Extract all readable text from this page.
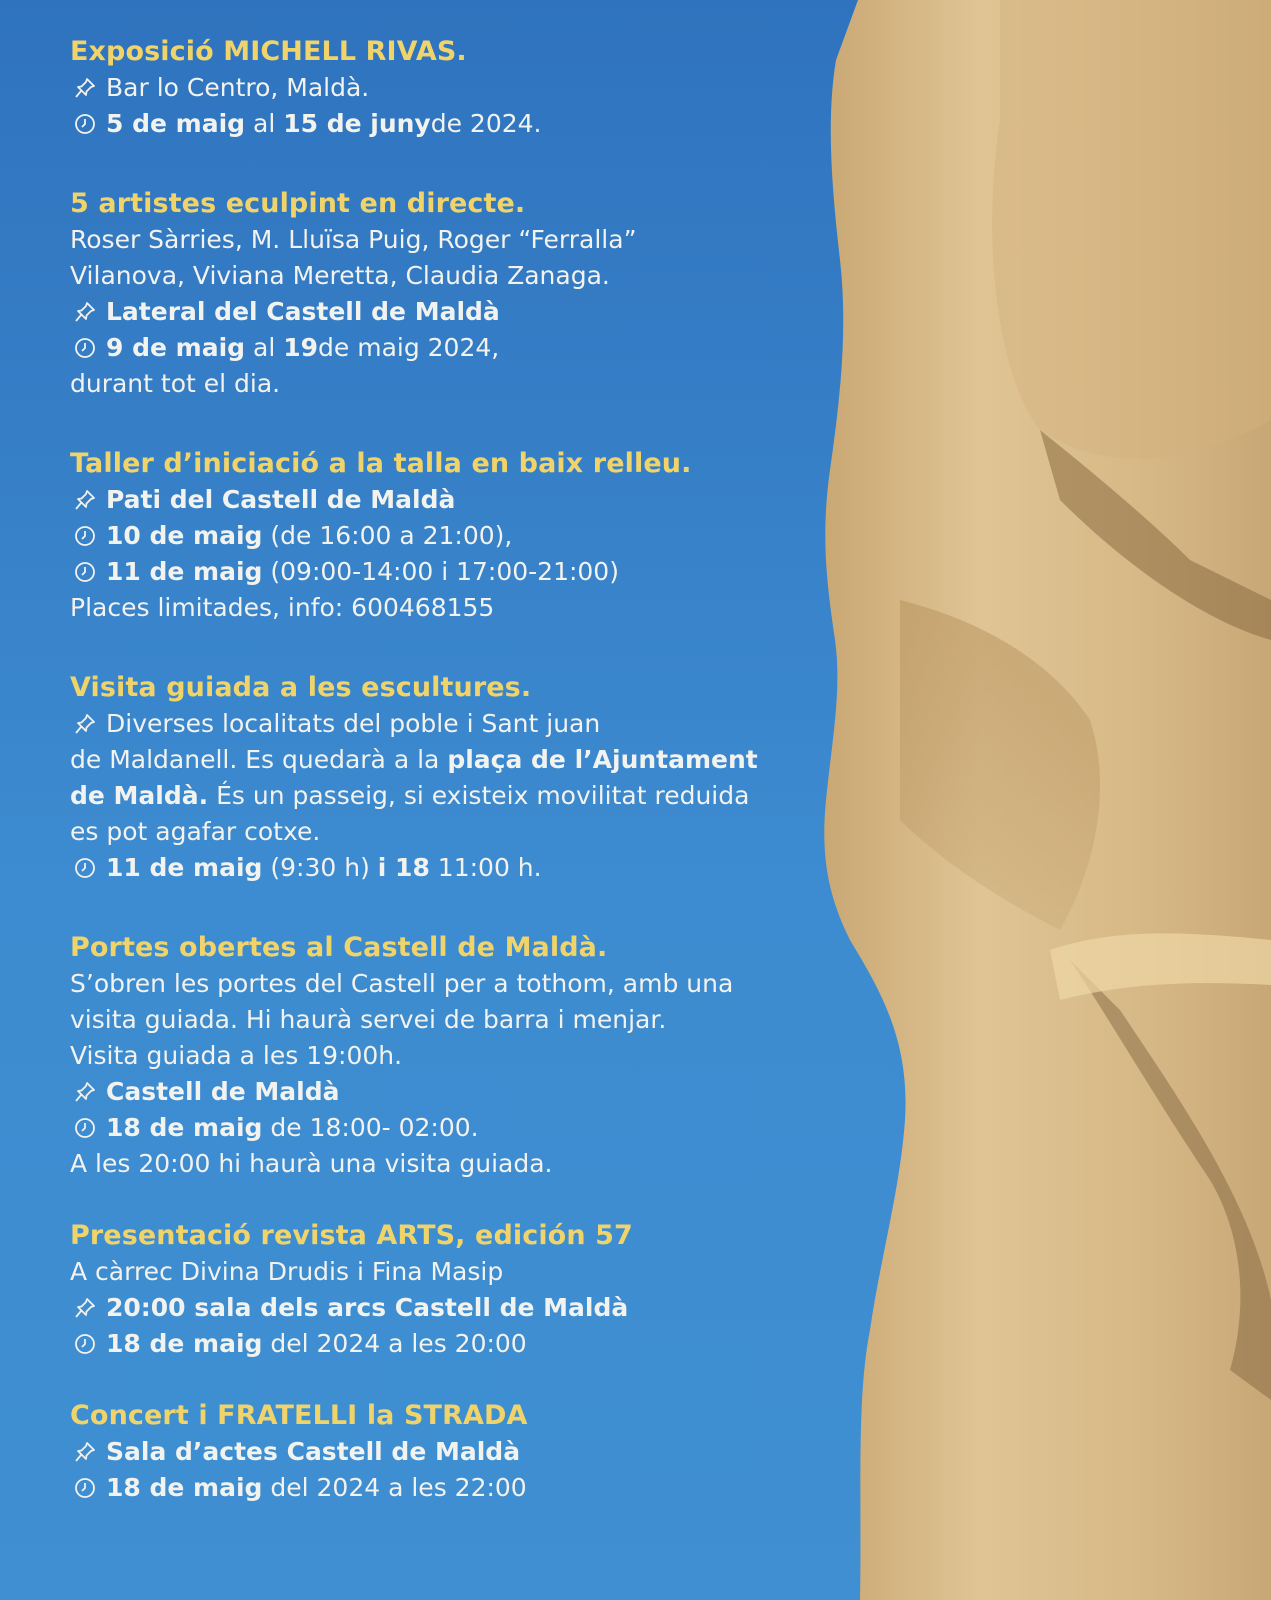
Exposició MICHELL RIVAS.

Bar lo Centro, Maldà.

5 de maig al 15 de juny de 2024.

5 artistes eculpint en directe.

Roser Sàrries, M. Lluïsa Puig, Roger “Ferralla”

Vilanova, Viviana Meretta, Claudia Zanaga.

Lateral del Castell de Maldà

9 de maig al 19 de maig 2024,

durant tot el dia.

Taller d’iniciació a la talla en baix relleu.

Pati del Castell de Maldà

10 de maig (de 16:00 a 21:00),

11 de maig (09:00-14:00 i 17:00-21:00)

Places limitades, info: 600468155

Visita guiada a les escultures.

Diverses localitats del poble i Sant juan

de Maldanell. Es quedarà a la plaça de l’Ajuntament

de Maldà. És un passeig, si existeix movilitat reduida

es pot agafar cotxe.

11 de maig (9:30 h) i 18 11:00 h.

Portes obertes al Castell de Maldà.

S’obren les portes del Castell per a tothom, amb una

visita guiada. Hi haurà servei de barra i menjar.

Visita guiada a les 19:00h.

Castell de Maldà

18 de maig de 18:00- 02:00.

A les 20:00 hi haurà una visita guiada.

Presentació revista ARTS, edición 57

A càrrec Divina Drudis i Fina Masip

20:00 sala dels arcs Castell de Maldà

18 de maig del 2024 a les 20:00

Concert i FRATELLI la STRADA

Sala d’actes Castell de Maldà

18 de maig del 2024 a les 22:00
